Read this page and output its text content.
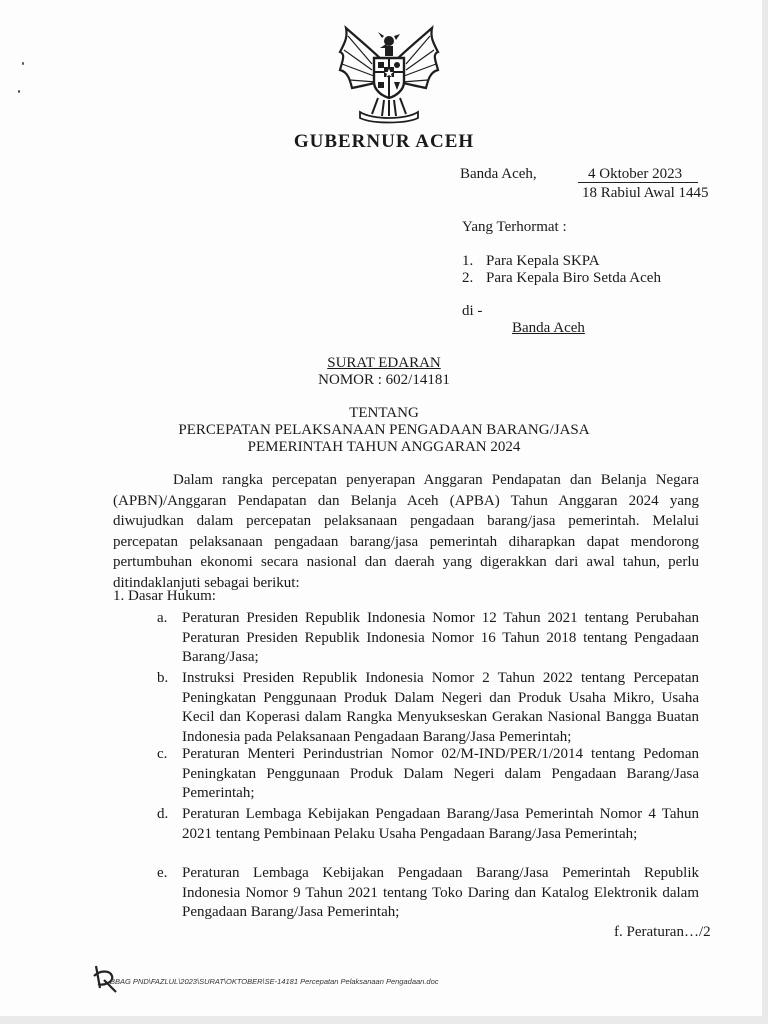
GUBERNUR ACEH
Banda Aceh,	4 Oktober 2023
18 Rabiul Awal 1445
Yang Terhormat :
1. Para Kepala SKPA
2. Para Kepala Biro Setda Aceh
di -
Banda Aceh
SURAT EDARAN
NOMOR : 602/14181
TENTANG
PERCEPATAN PELAKSANAAN PENGADAAN BARANG/JASA
PEMERINTAH TAHUN ANGGARAN 2024
Dalam rangka percepatan penyerapan Anggaran Pendapatan dan Belanja Negara (APBN)/Anggaran Pendapatan dan Belanja Aceh (APBA) Tahun Anggaran 2024 yang diwujudkan dalam percepatan pelaksanaan pengadaan barang/jasa pemerintah. Melalui percepatan pelaksanaan pengadaan barang/jasa pemerintah diharapkan dapat mendorong pertumbuhan ekonomi secara nasional dan daerah yang digerakkan dari awal tahun, perlu ditindaklanjuti sebagai berikut:
1. Dasar Hukum:
a. Peraturan Presiden Republik Indonesia Nomor 12 Tahun 2021 tentang Perubahan Peraturan Presiden Republik Indonesia Nomor 16 Tahun 2018 tentang Pengadaan Barang/Jasa;
b. Instruksi Presiden Republik Indonesia Nomor 2 Tahun 2022 tentang Percepatan Peningkatan Penggunaan Produk Dalam Negeri dan Produk Usaha Mikro, Usaha Kecil dan Koperasi dalam Rangka Menyukseskan Gerakan Nasional Bangga Buatan Indonesia pada Pelaksanaan Pengadaan Barang/Jasa Pemerintah;
c. Peraturan Menteri Perindustrian Nomor 02/M-IND/PER/1/2014 tentang Pedoman Peningkatan Penggunaan Produk Dalam Negeri dalam Pengadaan Barang/Jasa Pemerintah;
d. Peraturan Lembaga Kebijakan Pengadaan Barang/Jasa Pemerintah Nomor 4 Tahun 2021 tentang Pembinaan Pelaku Usaha Pengadaan Barang/Jasa Pemerintah;
e. Peraturan Lembaga Kebijakan Pengadaan Barang/Jasa Pemerintah Republik Indonesia Nomor 9 Tahun 2021 tentang Toko Daring dan Katalog Elektronik dalam Pengadaan Barang/Jasa Pemerintah;
f. Peraturan…/2
BBAG PND\FAZLUL\2023\SURAT\OKTOBER\SE-14181 Percepatan Pelaksanaan Pengadaan.doc
